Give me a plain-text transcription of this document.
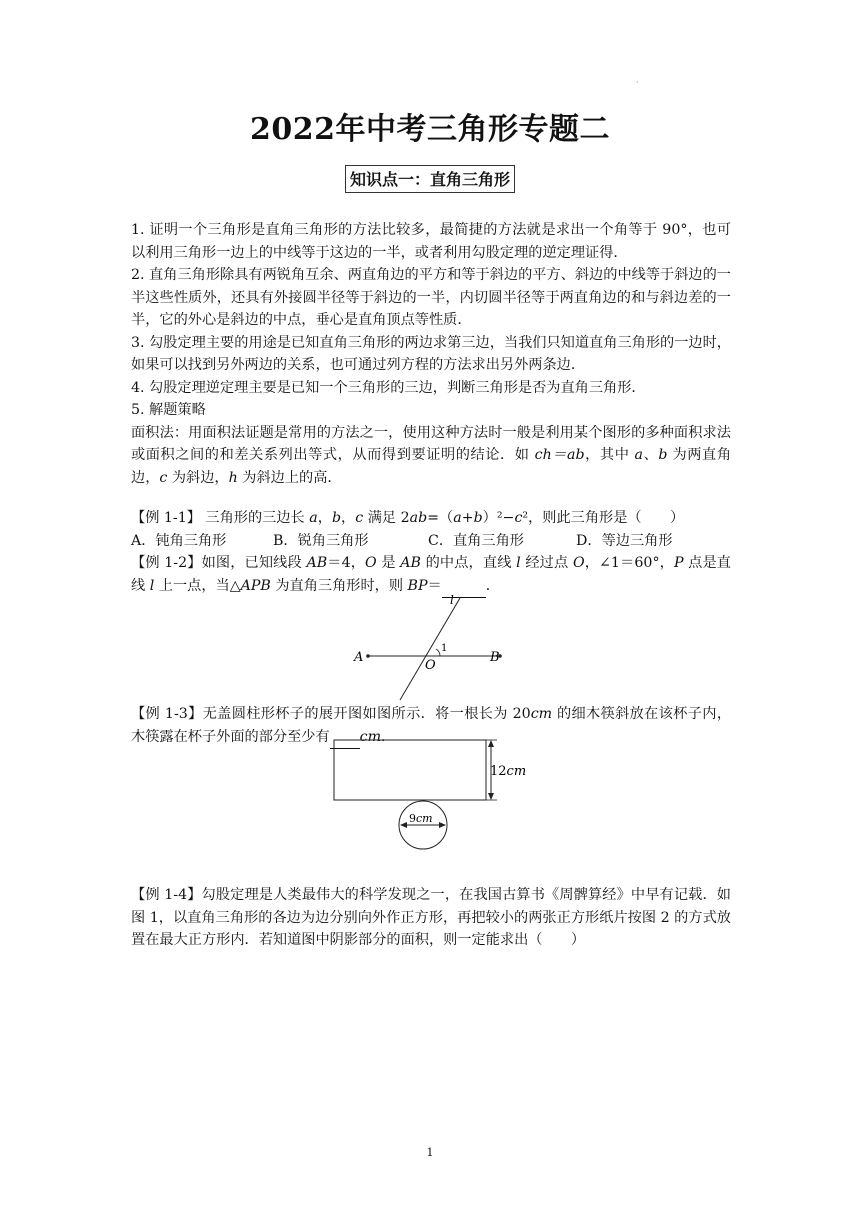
·
2022年中考三角形专题二
知识点一：直角三角形

1. 证明一个三角形是直角三角形的方法比较多，最简捷的方法就是求出一个角等于 90°，也可以利用三角形一边上的中线等于这边的一半，或者利用勾股定理的逆定理证得．

2. 直角三角形除具有两锐角互余、两直角边的平方和等于斜边的平方、斜边的中线等于斜边的一半这些性质外，还具有外接圆半径等于斜边的一半，内切圆半径等于两直角边的和与斜边差的一半，它的外心是斜边的中点，垂心是直角顶点等性质．

3. 勾股定理主要的用途是已知直角三角形的两边求第三边，当我们只知道直角三角形的一边时，如果可以找到另外两边的关系，也可通过列方程的方法求出另外两条边．

4. 勾股定理逆定理主要是已知一个三角形的三边，判断三角形是否为直角三角形．

5. 解题策略

面积法：用面积法证题是常用的方法之一，使用这种方法时一般是利用某个图形的多种面积求法或面积之间的和差关系列出等式，从而得到要证明的结论．如 ch＝ab，其中 a、b 为两直角边，c 为斜边，h 为斜边上的高．

【例 1-1】 三角形的三边长 a，b，c 满足 2ab=（a+b）²−c²，则此三角形是（　　）

A．钝角三角形	B．锐角三角形	C．直角三角形	D．等边三角形

【例 1-2】如图，已知线段 AB＝4，O 是 AB 的中点，直线 l 经过点 O，∠1＝60°，P 点是直线 l 上一点，当△APB 为直角三角形时，则 BP＝	．

A	B
O
l
1

【例 1-3】无盖圆柱形杯子的展开图如图所示．将一根长为 20cm 的细木筷斜放在该杯子内，木筷露在杯子外面的部分至少有 cm．

12cm
9cm

【例 1-4】勾股定理是人类最伟大的科学发现之一，在我国古算书《周髀算经》中早有记载．如图 1，以直角三角形的各边为边分别向外作正方形，再把较小的两张正方形纸片按图 2 的方式放置在最大正方形内．若知道图中阴影部分的面积，则一定能求出（　　）

1
